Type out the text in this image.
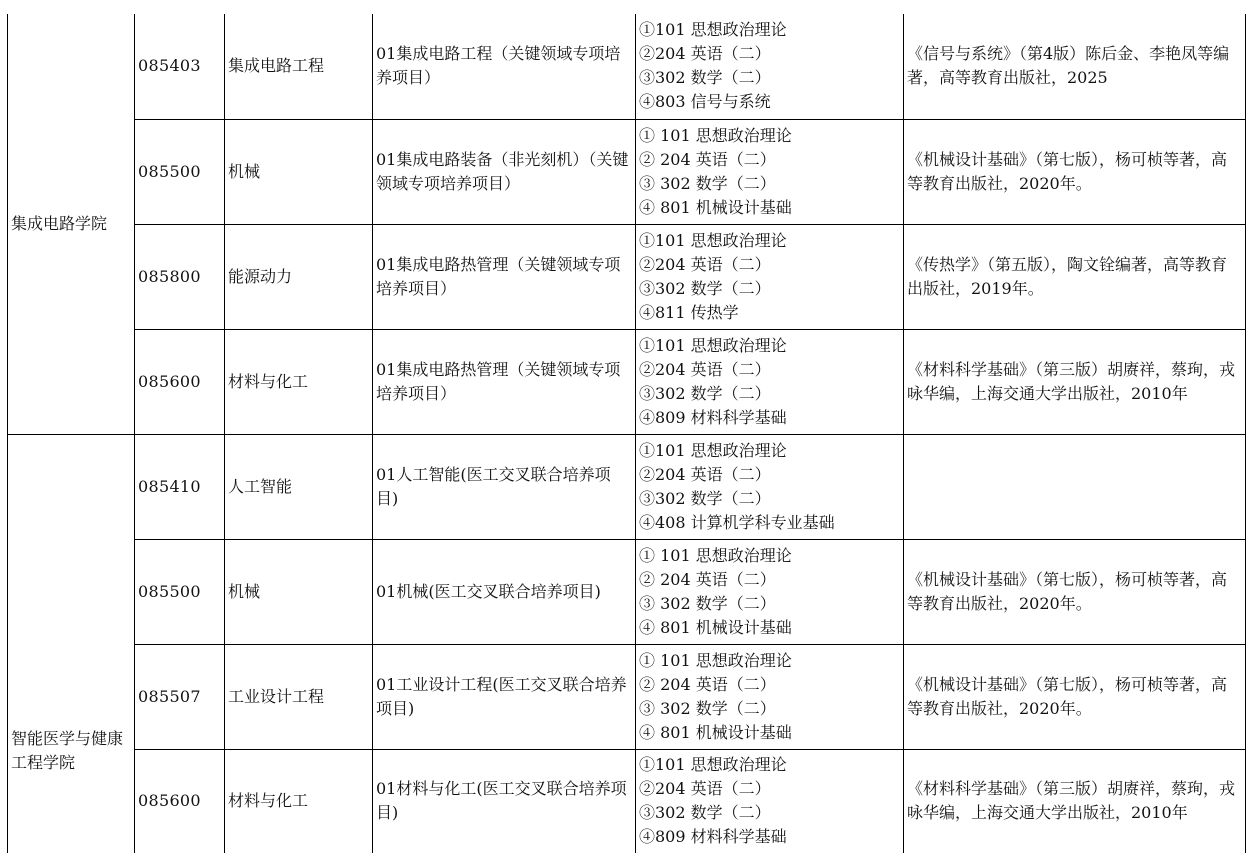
集成电路学院	085403	集成电路工程	01集成电路工程（关键领域专项培养项目）	①101 思想政治理论
②204 英语（二）
③302 数学（二）
④803 信号与系统	《信号与系统》（第4版）陈后金、李艳凤等编著，高等教育出版社，2025
	085500	机械	01集成电路装备（非光刻机）（关键领域专项培养项目）	① 101 思想政治理论
② 204 英语（二）
③ 302 数学（二）
④ 801 机械设计基础	《机械设计基础》（第七版），杨可桢等著，高等教育出版社，2020年。
	085800	能源动力	01集成电路热管理（关键领域专项培养项目）	①101 思想政治理论
②204 英语（二）
③302 数学（二）
④811 传热学	《传热学》（第五版），陶文铨编著，高等教育出版社，2019年。
	085600	材料与化工	01集成电路热管理（关键领域专项培养项目）	①101 思想政治理论
②204 英语（二）
③302 数学（二）
④809 材料科学基础	《材料科学基础》（第三版）胡赓祥，蔡珣，戎咏华编，上海交通大学出版社，2010年

智能医学与健康工程学院	085410	人工智能	01人工智能(医工交叉联合培养项目)	①101 思想政治理论
②204 英语（二）
③302 数学（二）
④408 计算机学科专业基础	

	085500	机械	01机械(医工交叉联合培养项目)	① 101 思想政治理论
② 204 英语（二）
③ 302 数学（二）
④ 801 机械设计基础	《机械设计基础》（第七版），杨可桢等著，高等教育出版社，2020年。
	085507	工业设计工程	01工业设计工程(医工交叉联合培养项目)	① 101 思想政治理论
② 204 英语（二）
③ 302 数学（二）
④ 801 机械设计基础	《机械设计基础》（第七版），杨可桢等著，高等教育出版社，2020年。
	085600	材料与化工	01材料与化工(医工交叉联合培养项目)	①101 思想政治理论
②204 英语（二）
③302 数学（二）
④809 材料科学基础	《材料科学基础》（第三版）胡赓祥，蔡珣，戎咏华编，上海交通大学出版社，2010年
